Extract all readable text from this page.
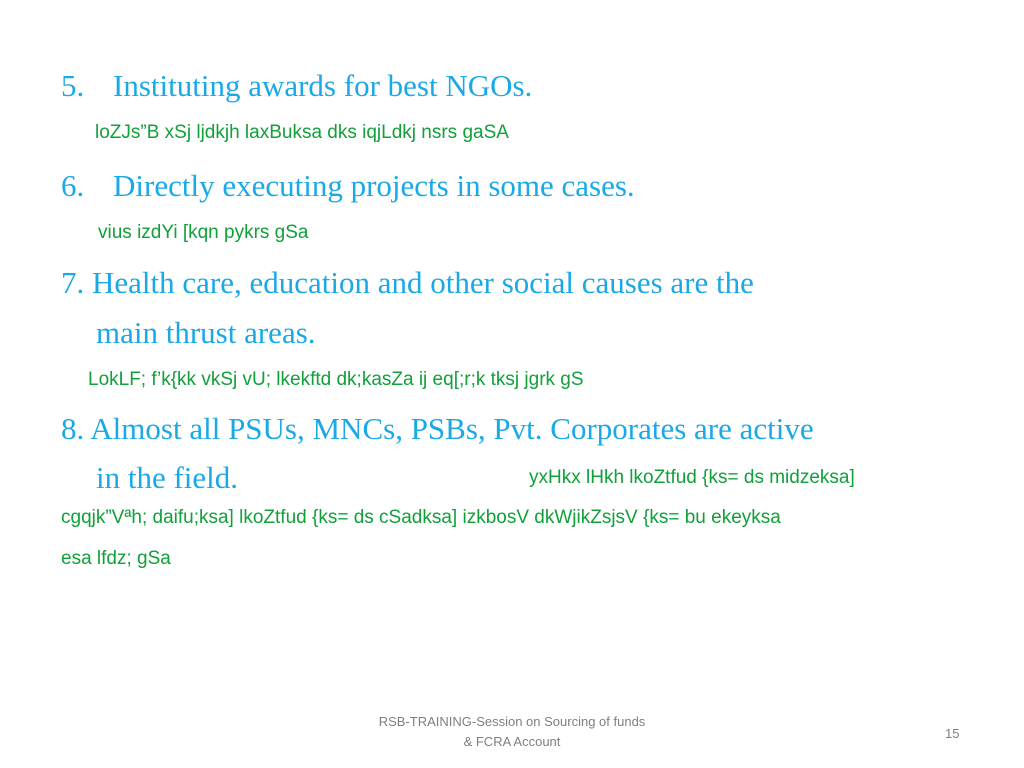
5. Instituting awards for best NGOs.
loZJs”B xSj ljdkjh laxBuksa dks iqjLdkj nsrs gaSA
6. Directly executing projects in some cases.
vius izdYi [kqn pykrs gSa
7. Health care, education and other social causes are the
main thrust areas.
LokLF; f’k{kk vkSj vU; lkekftd dk;kasZa ij eq[;r;k tksj jgrk gS
8. Almost all PSUs, MNCs, PSBs, Pvt. Corporates are active
in the field.	yxHkx lHkh lkoZtfud {ks= ds midzeksa]
cgqjk”Vªh; daifu;ksa] lkoZtfud {ks= ds cSadksa] izkbosV dkWjikZsjsV {ks= bu ekeyksa
esa lfdz; gSa
RSB-TRAINING-Session on Sourcing of funds
& FCRA Account
15
